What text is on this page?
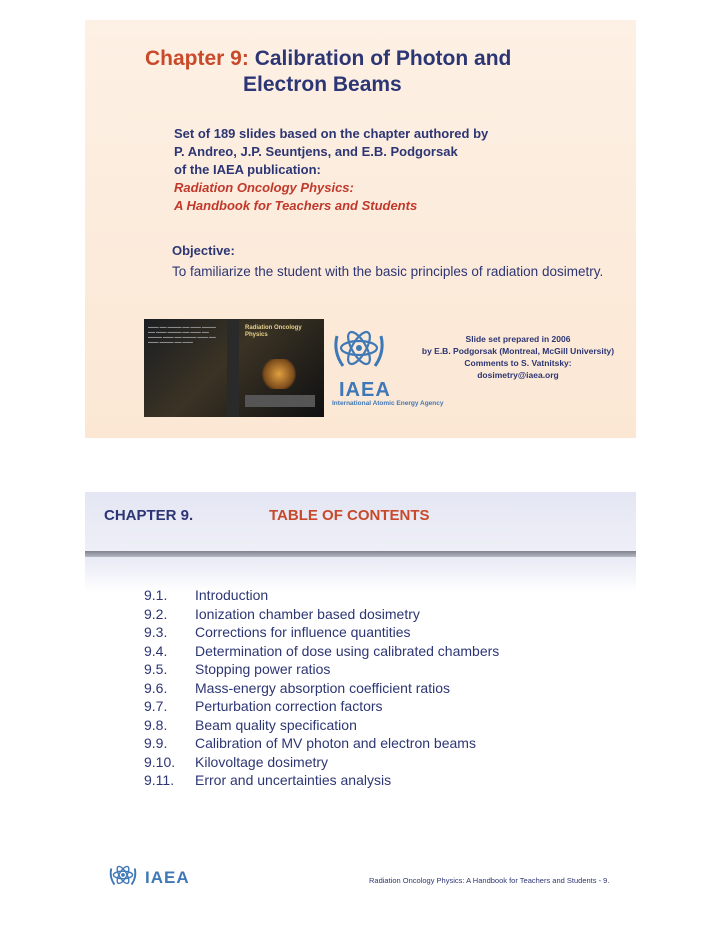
Chapter 9: Calibration of Photon and
Electron Beams
Set of 189 slides based on the chapter authored by
P. Andreo, J.P. Seuntjens, and E.B. Podgorsak
of the IAEA publication:
Radiation Oncology Physics:
A Handbook for Teachers and Students
Objective:
To familiarize the student with the basic principles of radiation dosimetry.
▬▬▬ ▬▬ ▬▬▬▬ ▬▬ ▬▬▬ ▬▬▬▬ ▬▬ ▬▬▬ ▬▬▬▬ ▬▬ ▬▬▬ ▬▬ ▬▬▬▬ ▬▬▬ ▬▬ ▬▬▬▬ ▬▬▬ ▬▬ ▬▬▬ ▬▬▬▬ ▬▬ ▬▬▬
Radiation Oncology Physics
IAEA
International Atomic Energy Agency
Slide set prepared in 2006
by E.B. Podgorsak (Montreal, McGill University)
Comments to S. Vatnitsky:
dosimetry@iaea.org
CHAPTER 9.	TABLE OF CONTENTS
9.1. Introduction
9.2. Ionization chamber based dosimetry
9.3. Corrections for influence quantities
9.4. Determination of dose using calibrated chambers
9.5. Stopping power ratios
9.6. Mass-energy absorption coefficient ratios
9.7. Perturbation correction factors
9.8. Beam quality specification
9.9. Calibration of MV photon and electron beams
9.10. Kilovoltage dosimetry
9.11. Error and uncertainties analysis
IAEA	Radiation Oncology Physics: A Handbook for Teachers and Students - 9.
